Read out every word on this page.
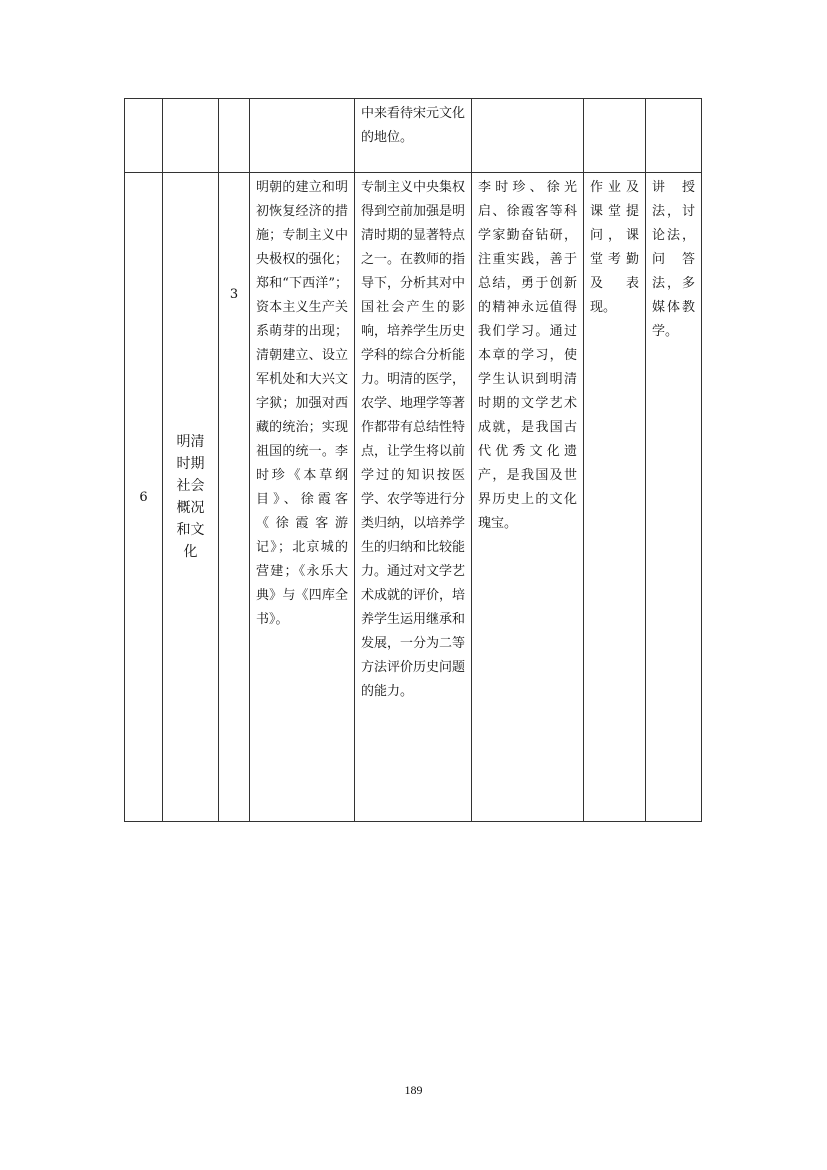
				中来看待宋元文化的地位。			
6	明清时期社会概况和文化	3	明朝的建立和明初恢复经济的措施；专制主义中央极权的强化；郑和“下西洋”；资本主义生产关系萌芽的出现；清朝建立、设立军机处和大兴文字狱；加强对西藏的统治；实现祖国的统一。李时珍《本草纲目》、徐霞客《徐霞客游记》；北京城的营建；《永乐大典》与《四库全书》。	专制主义中央集权得到空前加强是明清时期的显著特点之一。在教师的指导下，分析其对中国社会产生的影响，培养学生历史学科的综合分析能力。明清的医学，农学、地理学等著作都带有总结性特点，让学生将以前学过的知识按医学、农学等进行分类归纳，以培养学生的归纳和比较能力。通过对文学艺术成就的评价，培养学生运用继承和发展，一分为二等方法评价历史问题的能力。	李时珍、徐光启、徐霞客等科学家勤奋钻研，注重实践，善于总结，勇于创新的精神永远值得我们学习。通过本章的学习，使学生认识到明清时期的文学艺术成就，是我国古代优秀文化遗产，是我国及世界历史上的文化瑰宝。	作业及课堂提问，课堂考勤及表现。	讲授法，讨论法，问答法，多媒体教学。
189
